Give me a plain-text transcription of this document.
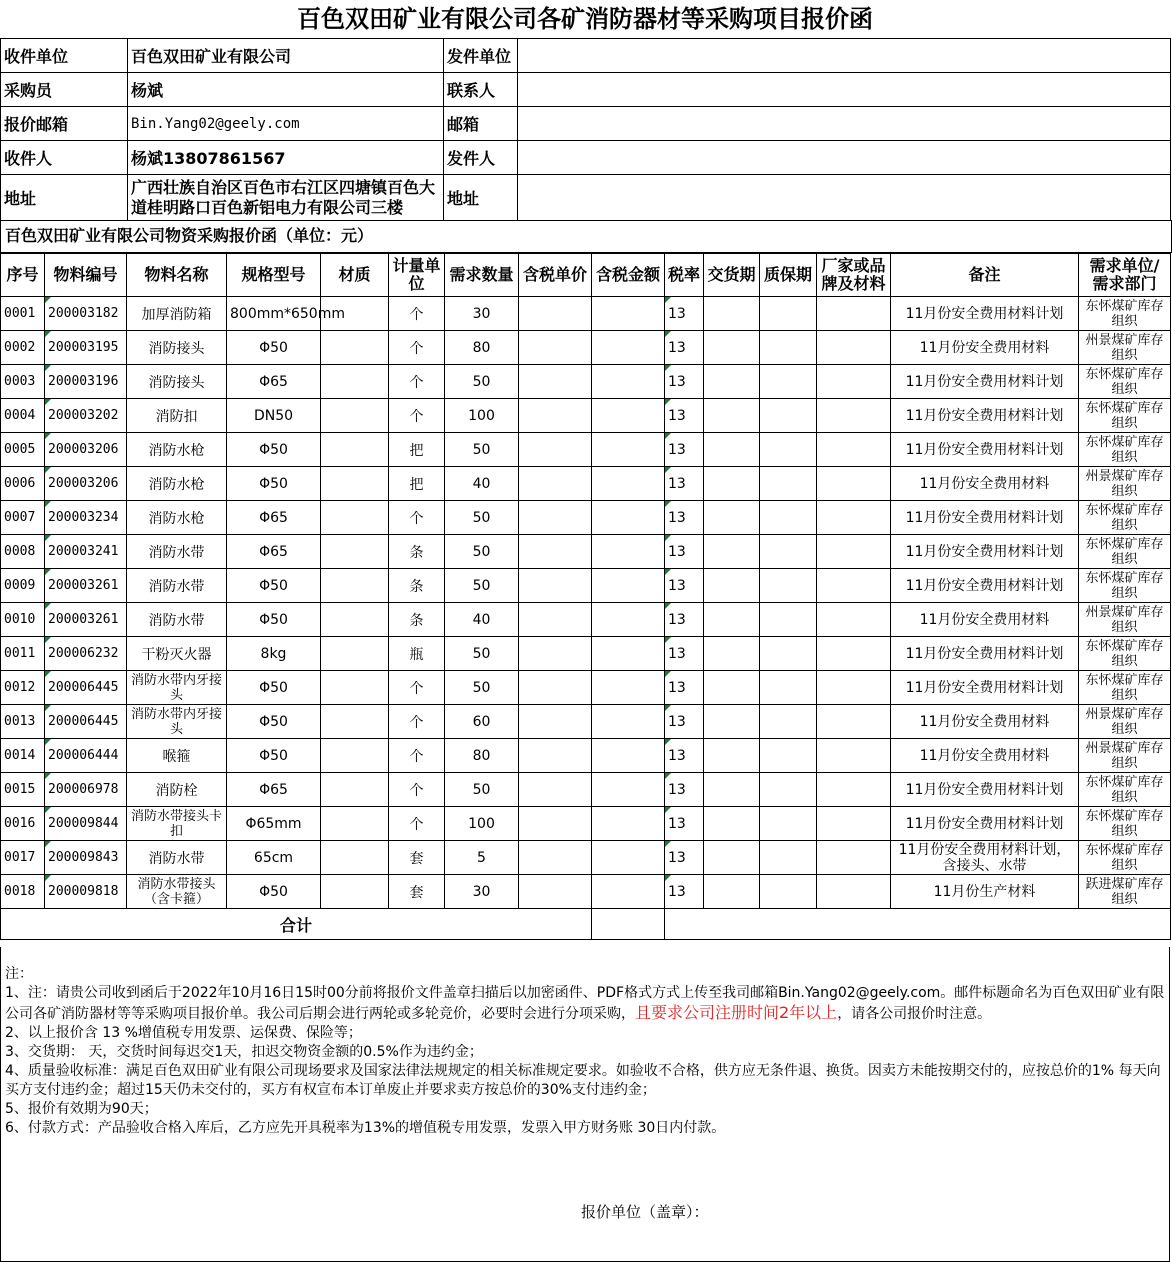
百色双田矿业有限公司各矿消防器材等采购项目报价函
收件单位	百色双田矿业有限公司	发件单位	
采购员	杨斌	联系人	
报价邮箱	Bin.Yang02@geely.com	邮箱	
收件人	杨斌13807861567	发件人	
地址	广西壮族自治区百色市右江区四塘镇百色大道桂明路口百色新铝电力有限公司三楼	地址	
百色双田矿业有限公司物资采购报价函（单位：元）
序号	物料编号	物料名称	规格型号	材质	计量单位	需求数量	含税单价	含税金额	税率	交货期	质保期	厂家或品牌及材料	备注	需求单位/需求部门
0001	200003182	加厚消防箱	800mm*650mm		个	30			13				11月份安全费用材料计划	东怀煤矿库存组织
0002	200003195	消防接头	Φ50		个	80			13				11月份安全费用材料	州景煤矿库存组织
0003	200003196	消防接头	Φ65		个	50			13				11月份安全费用材料计划	东怀煤矿库存组织
0004	200003202	消防扣	DN50		个	100			13				11月份安全费用材料计划	东怀煤矿库存组织
0005	200003206	消防水枪	Φ50		把	50			13				11月份安全费用材料计划	东怀煤矿库存组织
0006	200003206	消防水枪	Φ50		把	40			13				11月份安全费用材料	州景煤矿库存组织
0007	200003234	消防水枪	Φ65		个	50			13				11月份安全费用材料计划	东怀煤矿库存组织
0008	200003241	消防水带	Φ65		条	50			13				11月份安全费用材料计划	东怀煤矿库存组织
0009	200003261	消防水带	Φ50		条	50			13				11月份安全费用材料计划	东怀煤矿库存组织
0010	200003261	消防水带	Φ50		条	40			13				11月份安全费用材料	州景煤矿库存组织
0011	200006232	干粉灭火器	8kg		瓶	50			13				11月份安全费用材料计划	东怀煤矿库存组织
0012	200006445	消防水带内牙接头	Φ50		个	50			13				11月份安全费用材料计划	东怀煤矿库存组织
0013	200006445	消防水带内牙接头	Φ50		个	60			13				11月份安全费用材料	州景煤矿库存组织
0014	200006444	喉箍	Φ50		个	80			13				11月份安全费用材料	州景煤矿库存组织
0015	200006978	消防栓	Φ65		个	50			13				11月份安全费用材料计划	东怀煤矿库存组织
0016	200009844	消防水带接头卡扣	Φ65mm		个	100			13				11月份安全费用材料计划	东怀煤矿库存组织
0017	200009843	消防水带	65cm		套	5			13				11月份安全费用材料计划，含接头、水带	东怀煤矿库存组织
0018	200009818	消防水带接头（含卡箍）	Φ50		套	30			13				11月份生产材料	跃进煤矿库存组织
合计														

注：

1、注：请贵公司收到函后于2022年10月16日15时00分前将报价文件盖章扫描后以加密函件、PDF格式方式上传至我司邮箱Bin.Yang02@geely.com。邮件标题命名为百色双田矿业有限公司各矿消防器材等等采购项目报价单。我公司后期会进行两轮或多轮竞价，必要时会进行分项采购，且要求公司注册时间2年以上，请各公司报价时注意。

2、以上报价含 13 %增值税专用发票、运保费、保险等；

3、交货期： 天，交货时间每迟交1天，扣迟交物资金额的0.5%作为违约金；

4、质量验收标准：满足百色双田矿业有限公司现场要求及国家法律法规规定的相关标准规定要求。如验收不合格，供方应无条件退、换货。因卖方未能按期交付的，应按总价的1% 每天向买方支付违约金；超过15天仍未交付的，买方有权宣布本订单废止并要求卖方按总价的30%支付违约金；

5、报价有效期为90天；

6、付款方式：产品验收合格入库后，乙方应先开具税率为13%的增值税专用发票，发票入甲方财务账 30日内付款。

报价单位（盖章）：
